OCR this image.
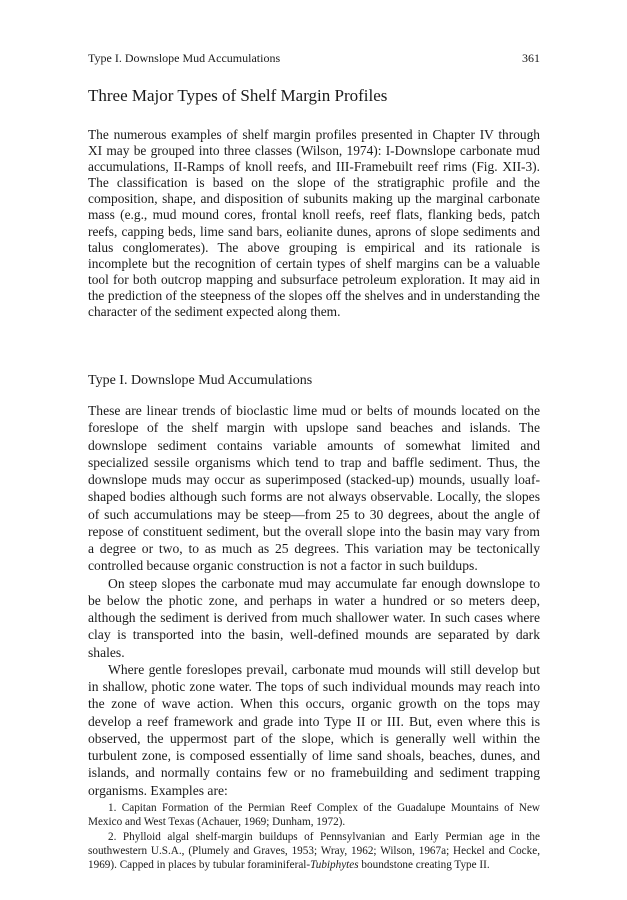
Type I. Downslope Mud Accumulations	361
Three Major Types of Shelf Margin Profiles

The numerous examples of shelf margin profiles presented in Chapter IV through XI may be grouped into three classes (Wilson, 1974): I-Downslope carbonate mud accumulations, II-Ramps of knoll reefs, and III-Framebuilt reef rims (Fig. XII-3). The classification is based on the slope of the stratigraphic profile and the composition, shape, and disposition of subunits making up the marginal carbonate mass (e.g., mud mound cores, frontal knoll reefs, reef flats, flanking beds, patch reefs, capping beds, lime sand bars, eolianite dunes, aprons of slope sediments and talus conglomerates). The above grouping is empirical and its rationale is incomplete but the recognition of certain types of shelf margins can be a valuable tool for both outcrop mapping and subsurface petroleum exploration. It may aid in the prediction of the steepness of the slopes off the shelves and in understanding the character of the sediment expected along them.

Type I. Downslope Mud Accumulations

These are linear trends of bioclastic lime mud or belts of mounds located on the foreslope of the shelf margin with upslope sand beaches and islands. The downslope sediment contains variable amounts of somewhat limited and specialized sessile organisms which tend to trap and baffle sediment. Thus, the downslope muds may occur as superimposed (stacked-up) mounds, usually loaf-shaped bodies although such forms are not always observable. Locally, the slopes of such accumulations may be steep—from 25 to 30 degrees, about the angle of repose of constituent sediment, but the overall slope into the basin may vary from a degree or two, to as much as 25 degrees. This variation may be tectonically controlled because organic construction is not a factor in such buildups.

On steep slopes the carbonate mud may accumulate far enough downslope to be below the photic zone, and perhaps in water a hundred or so meters deep, although the sediment is derived from much shallower water. In such cases where clay is transported into the basin, well-defined mounds are separated by dark shales.

Where gentle foreslopes prevail, carbonate mud mounds will still develop but in shallow, photic zone water. The tops of such individual mounds may reach into the zone of wave action. When this occurs, organic growth on the tops may develop a reef framework and grade into Type II or III. But, even where this is observed, the uppermost part of the slope, which is generally well within the turbulent zone, is composed essentially of lime sand shoals, beaches, dunes, and islands, and normally contains few or no framebuilding and sediment trapping organisms. Examples are:

1. Capitan Formation of the Permian Reef Complex of the Guadalupe Mountains of New Mexico and West Texas (Achauer, 1969; Dunham, 1972).

2. Phylloid algal shelf-margin buildups of Pennsylvanian and Early Permian age in the southwestern U.S.A., (Plumely and Graves, 1953; Wray, 1962; Wilson, 1967a; Heckel and Cocke, 1969). Capped in places by tubular foraminiferal-Tubiphytes boundstone creating Type II.
